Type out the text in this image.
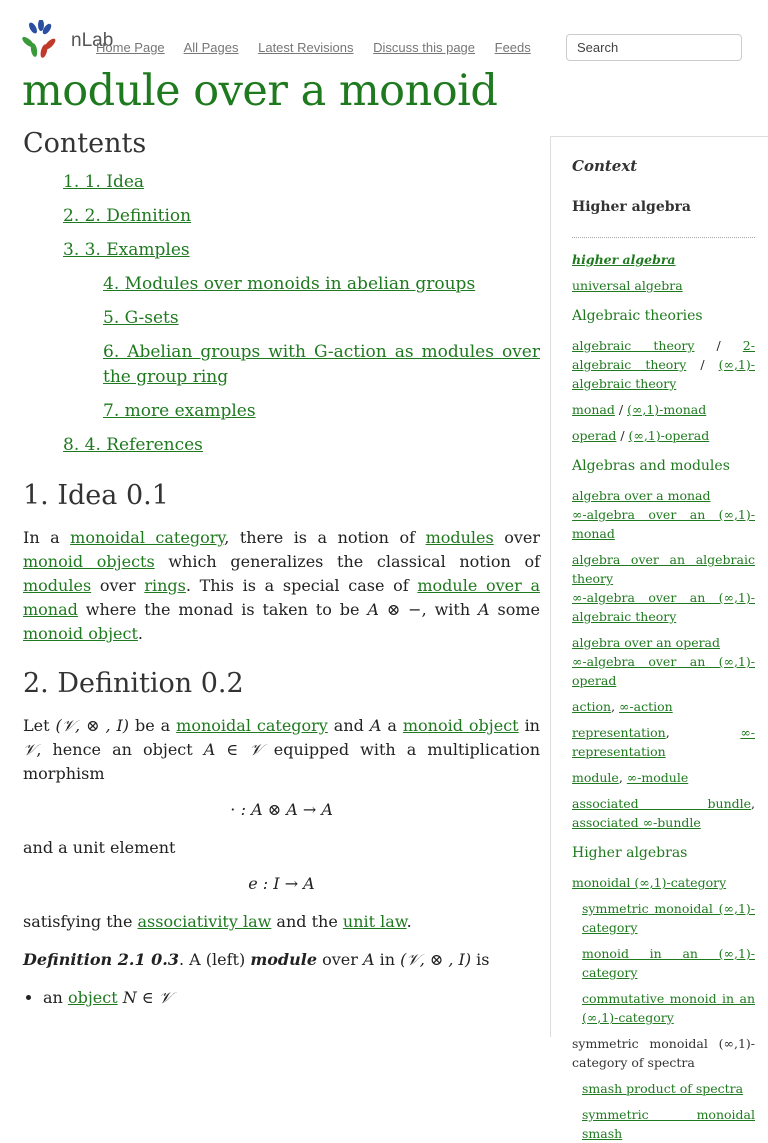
nLab
Home Page All Pages Latest Revisions Discuss this page Feeds
Search
module over a monoid
Contents
1. 1. Idea
2. 2. Definition
3. 3. Examples
4. Modules over monoids in abelian groups
5. G-sets
6. Abelian groups with G-action as modules over the group ring
7. more examples
8. 4. References
1. Idea 0.1

In a monoidal category, there is a notion of modules over monoid objects which generalizes the classical notion of modules over rings. This is a special case of module over a monad where the monad is taken to be A ⊗ −, with A some monoid object.

2. Definition 0.2

Let (𝒱, ⊗ , I) be a monoidal category and A a monoid object in 𝒱, hence an object A ∈ 𝒱 equipped with a multiplication morphism

⋅ : A ⊗ A → A

and a unit element

e : I → A

satisfying the associativity law and the unit law.

Definition 2.1 0.3. A (left) module over A in (𝒱, ⊗ , I) is

• an object N ∈ 𝒱
Context
Higher algebra
higher algebra
universal algebra
Algebraic theories
algebraic theory / 2-algebraic theory / (∞,1)-algebraic theory
monad / (∞,1)-monad
operad / (∞,1)-operad
Algebras and modules
algebra over a monad
∞-algebra over an (∞,1)-monad
algebra over an algebraic theory
∞-algebra over an (∞,1)-algebraic theory
algebra over an operad
∞-algebra over an (∞,1)-operad
action, ∞-action
representation, ∞-representation
module, ∞-module
associated bundle, associated ∞-bundle
Higher algebras
monoidal (∞,1)-category
symmetric monoidal (∞,1)-category
monoid in an (∞,1)-category
commutative monoid in an (∞,1)-category
symmetric monoidal (∞,1)-category of spectra
smash product of spectra
symmetric monoidal smash
